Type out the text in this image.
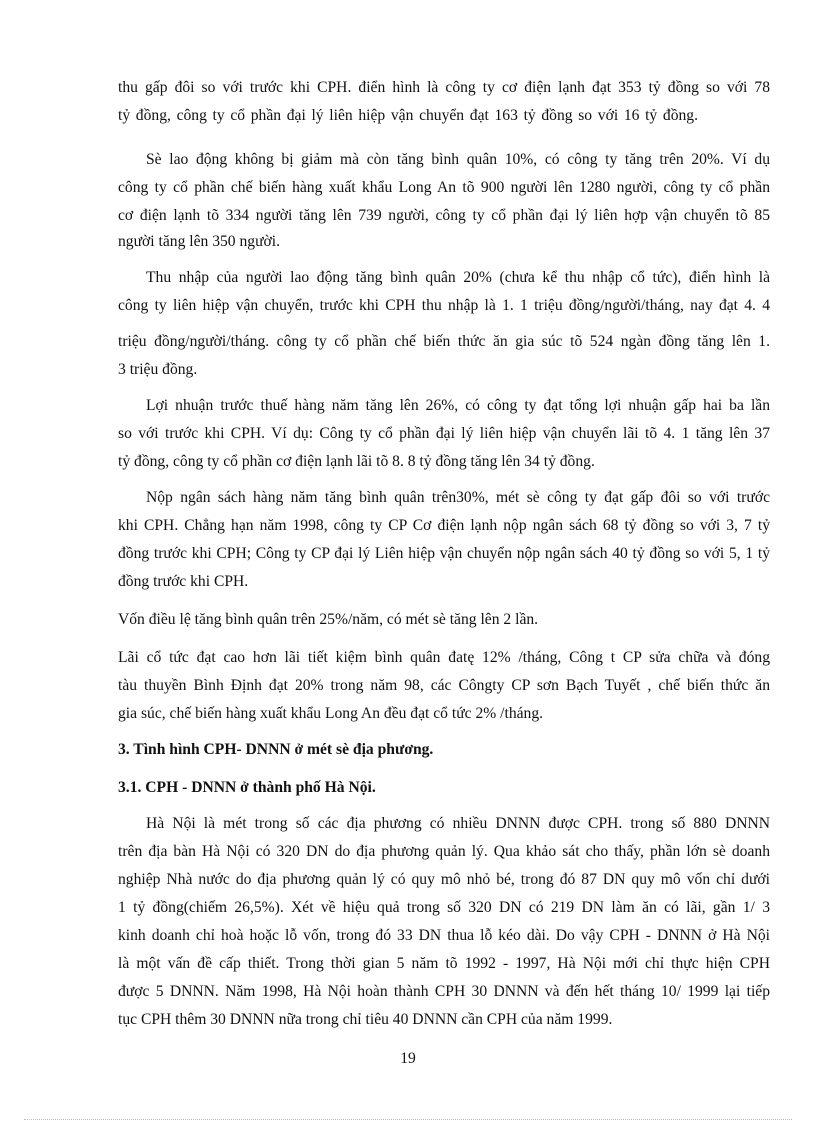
thu gấp đôi so với trước khi CPH. điển hình là công ty cơ điện lạnh đạt 353 tỷ đồng so với 78
tỷ đồng, công ty cổ phần đại lý liên hiệp vận chuyển đạt 163 tỷ đồng so với 16 tỷ đồng.
Sè lao động không bị giảm mà còn tăng bình quân 10%, có công ty tăng trên 20%. Ví dụ
công ty cổ phần chế biến hàng xuất khẩu Long An tõ 900 người lên 1280 người, công ty cổ phần
cơ điện lạnh tõ 334 người tăng lên 739 người, công ty cổ phần đại lý liên hợp vận chuyển tõ 85
người tăng lên 350 người.
Thu nhập của người lao động tăng bình quân 20% (chưa kể thu nhập cổ tức), điển hình là
công ty liên hiệp vận chuyển, trước khi CPH thu nhập là 1. 1 triệu đồng/người/tháng, nay đạt 4. 4
triệu đồng/người/tháng. công ty cổ phần chế biến thức ăn gia súc tõ 524 ngàn đồng tăng lên 1.
3 triệu đồng.
Lợi nhuận trước thuế hàng năm tăng lên 26%, có công ty đạt tổng lợi nhuận gấp hai ba lần
so với trước khi CPH. Ví dụ: Công ty cổ phần đại lý liên hiệp vận chuyển lãi tõ 4. 1 tăng lên 37
tỷ đồng, công ty cổ phần cơ điện lạnh lãi tõ 8. 8 tỷ đồng tăng lên 34 tỷ đồng.
Nộp ngân sách hàng năm tăng bình quân trên30%, mét sè công ty đạt gấp đôi so với trước
khi CPH. Chẳng hạn năm 1998, công ty CP Cơ điện lạnh nộp ngân sách 68 tỷ đồng so với 3, 7 tỷ
đồng trước khi CPH; Công ty CP đại lý Liên hiệp vận chuyển nộp ngân sách 40 tỷ đồng so với 5, 1 tỷ
đồng trước khi CPH.
Vốn điều lệ tăng bình quân trên 25%/năm, có mét sè tăng lên 2 lần.
Lãi cổ tức đạt cao hơn lãi tiết kiệm bình quân đatę 12% /tháng, Công t CP sửa chữa và đóng
tàu thuyền Bình Định đạt 20% trong năm 98, các Côngty CP sơn Bạch Tuyết , chế biến thức ăn
gia súc, chế biến hàng xuất khẩu Long An đều đạt cổ tức 2% /tháng.
3. Tình hình CPH- DNNN ở mét sè địa phương.
3.1. CPH - DNNN ở thành phố Hà Nội.
Hà Nội là mét trong số các địa phương có nhiều DNNN được CPH. trong số 880 DNNN
trên địa bàn Hà Nội có 320 DN do địa phương quản lý. Qua khảo sát cho thấy, phần lớn sè doanh
nghiệp Nhà nước do địa phương quản lý có quy mô nhỏ bé, trong đó 87 DN quy mô vốn chỉ dưới
1 tỷ đồng(chiếm 26,5%). Xét về hiệu quả trong số 320 DN có 219 DN làm ăn có lãi, gần 1/ 3
kinh doanh chỉ hoà hoặc lỗ vốn, trong đó 33 DN thua lỗ kéo dài. Do vậy CPH - DNNN ở Hà Nội
là một vấn đề cấp thiết. Trong thời gian 5 năm tõ 1992 - 1997, Hà Nội mới chỉ thực hiện CPH
được 5 DNNN. Năm 1998, Hà Nội hoàn thành CPH 30 DNNN và đến hết tháng 10/ 1999 lại tiếp
tục CPH thêm 30 DNNN nữa trong chỉ tiêu 40 DNNN cần CPH của năm 1999.
19
